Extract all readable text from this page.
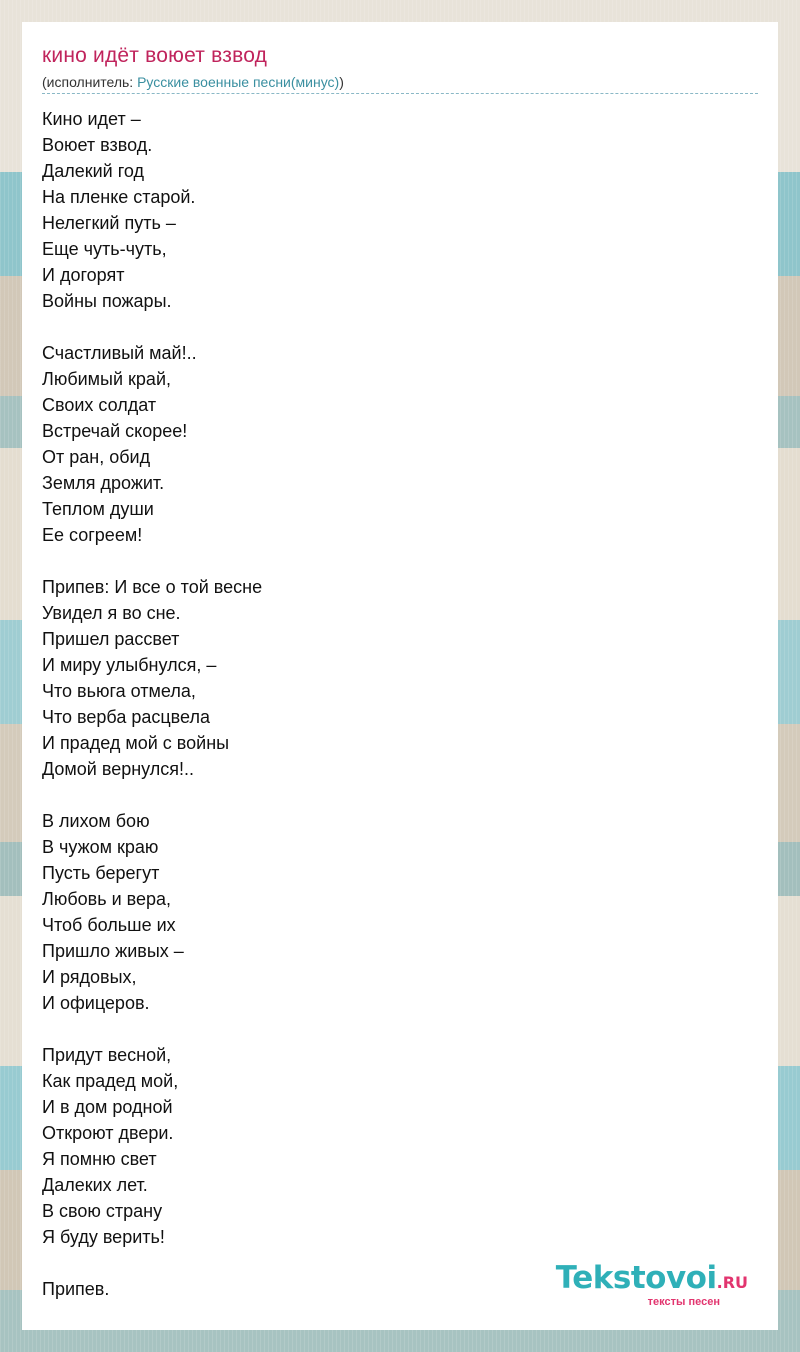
кино идёт воюет взвод
(исполнитель: Русские военные песни(минус))
Кино идет –
Воюет взвод.
Далекий год
На пленке старой.
Нелегкий путь –
Еще чуть-чуть,
И догорят
Войны пожары.

Счастливый май!..
Любимый край,
Своих солдат
Встречай скорее!
От ран, обид
Земля дрожит.
Теплом души
Ее согреем!

Припев: И все о той весне
Увидел я во сне.
Пришел рассвет
И миру улыбнулся, –
Что вьюга отмела,
Что верба расцвела
И прадед мой с войны
Домой вернулся!..

В лихом бою
В чужом краю
Пусть берегут
Любовь и вера,
Чтоб больше их
Пришло живых –
И рядовых,
И офицеров.

Придут весной,
Как прадед мой,
И в дом родной
Откроют двери.
Я помню свет
Далеких лет.
В свою страну
Я буду верить!

Припев.	Tekstovoi.RU
тексты песен
